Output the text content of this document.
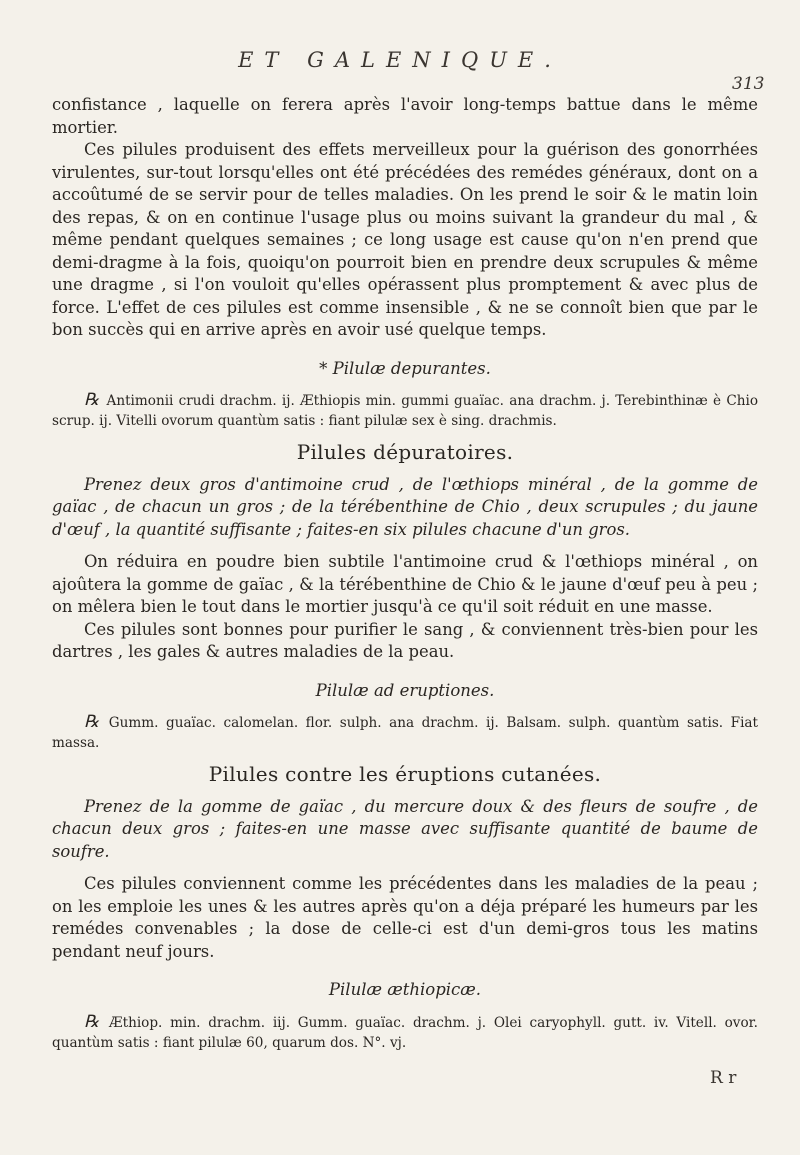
ET GALENIQUE.
313

confistance , laquelle on ferera après l'avoir long-temps battue dans le même mortier.

Ces pilules produisent des effets merveilleux pour la guérison des gonorrhées virulentes, sur-tout lorsqu'elles ont été précédées des remédes généraux, dont on a accoûtumé de se servir pour de telles maladies. On les prend le soir & le matin loin des repas, & on en continue l'usage plus ou moins suivant la grandeur du mal , & même pendant quelques semaines ; ce long usage est cause qu'on n'en prend que demi-dragme à la fois, quoiqu'on pourroit bien en prendre deux scrupules & même une dragme , si l'on vouloit qu'elles opérassent plus promptement & avec plus de force. L'effet de ces pilules est comme insensible , & ne se connoît bien que par le bon succès qui en arrive après en avoir usé quelque temps.

* Pilulæ depurantes.

℞ Antimonii crudi drachm. ij. Æthiopis min. gummi guaïac. ana drachm. j. Terebinthinæ è Chio scrup. ij. Vitelli ovorum quantùm satis : fiant pilulæ sex è sing. drachmis.

Pilules dépuratoires.

Prenez deux gros d'antimoine crud , de l'œthiops minéral , de la gomme de gaïac , de chacun un gros ; de la térébenthine de Chio , deux scrupules ; du jaune d'œuf , la quantité suffisante ; faites-en six pilules chacune d'un gros.

On réduira en poudre bien subtile l'antimoine crud & l'œthiops minéral , on ajoûtera la gomme de gaïac , & la térébenthine de Chio & le jaune d'œuf peu à peu ; on mêlera bien le tout dans le mortier jusqu'à ce qu'il soit réduit en une masse.

Ces pilules sont bonnes pour purifier le sang , & conviennent très-bien pour les dartres , les gales & autres maladies de la peau.

Pilulæ ad eruptiones.

℞ Gumm. guaïac. calomelan. flor. sulph. ana drachm. ij. Balsam. sulph. quantùm satis. Fiat massa.

Pilules contre les éruptions cutanées.

Prenez de la gomme de gaïac , du mercure doux & des fleurs de soufre , de chacun deux gros ; faites-en une masse avec suffisante quantité de baume de soufre.

Ces pilules conviennent comme les précédentes dans les maladies de la peau ; on les emploie les unes & les autres après qu'on a déja préparé les humeurs par les remédes convenables ; la dose de celle-ci est d'un demi-gros tous les matins pendant neuf jours.

Pilulæ æthiopicæ.

℞ Æthiop. min. drachm. iij. Gumm. guaïac. drachm. j. Olei caryophyll. gutt. iv. Vitell. ovor. quantùm satis : fiant pilulæ 60, quarum dos. N°. vj.

R r
